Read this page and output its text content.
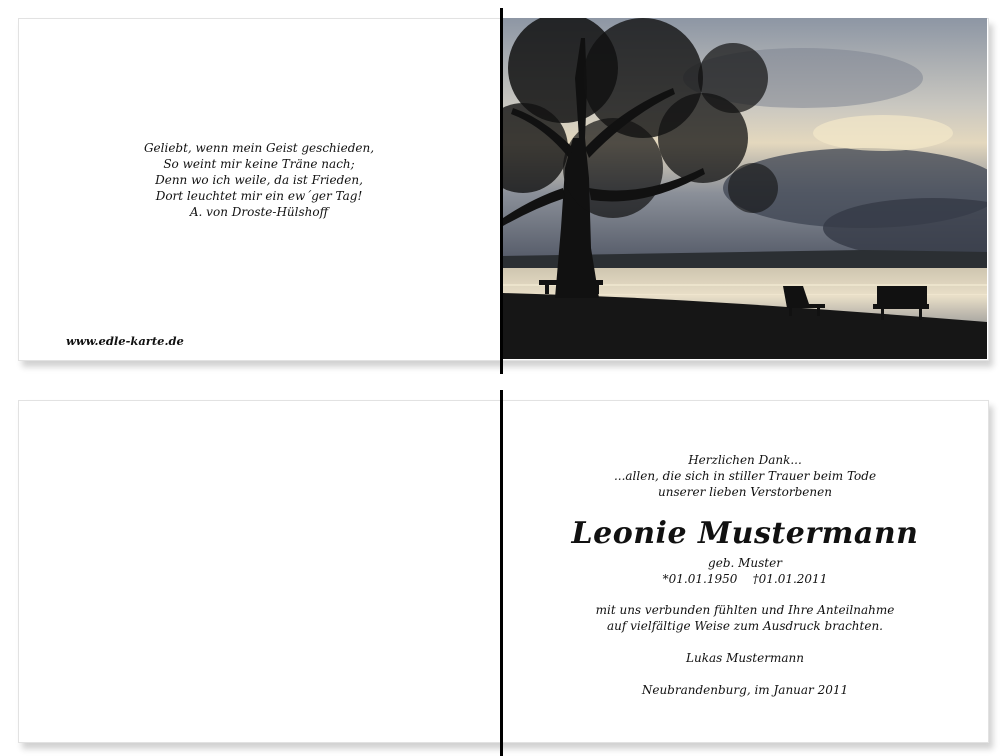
Geliebt, wenn mein Geist geschieden,
So weint mir keine Träne nach;
Denn wo ich weile, da ist Frieden,
Dort leuchtet mir ein ew´ger Tag!
A. von Droste-Hülshoff
www.edle-karte.de
Herzlichen Dank...
...allen, die sich in stiller Trauer beim Tode
unserer lieben Verstorbenen
Leonie Mustermann
geb. Muster
*01.01.1950    †01.01.2011
mit uns verbunden fühlten und Ihre Anteilnahme
auf vielfältige Weise zum Ausdruck brachten.
Lukas Mustermann
Neubrandenburg, im Januar 2011
